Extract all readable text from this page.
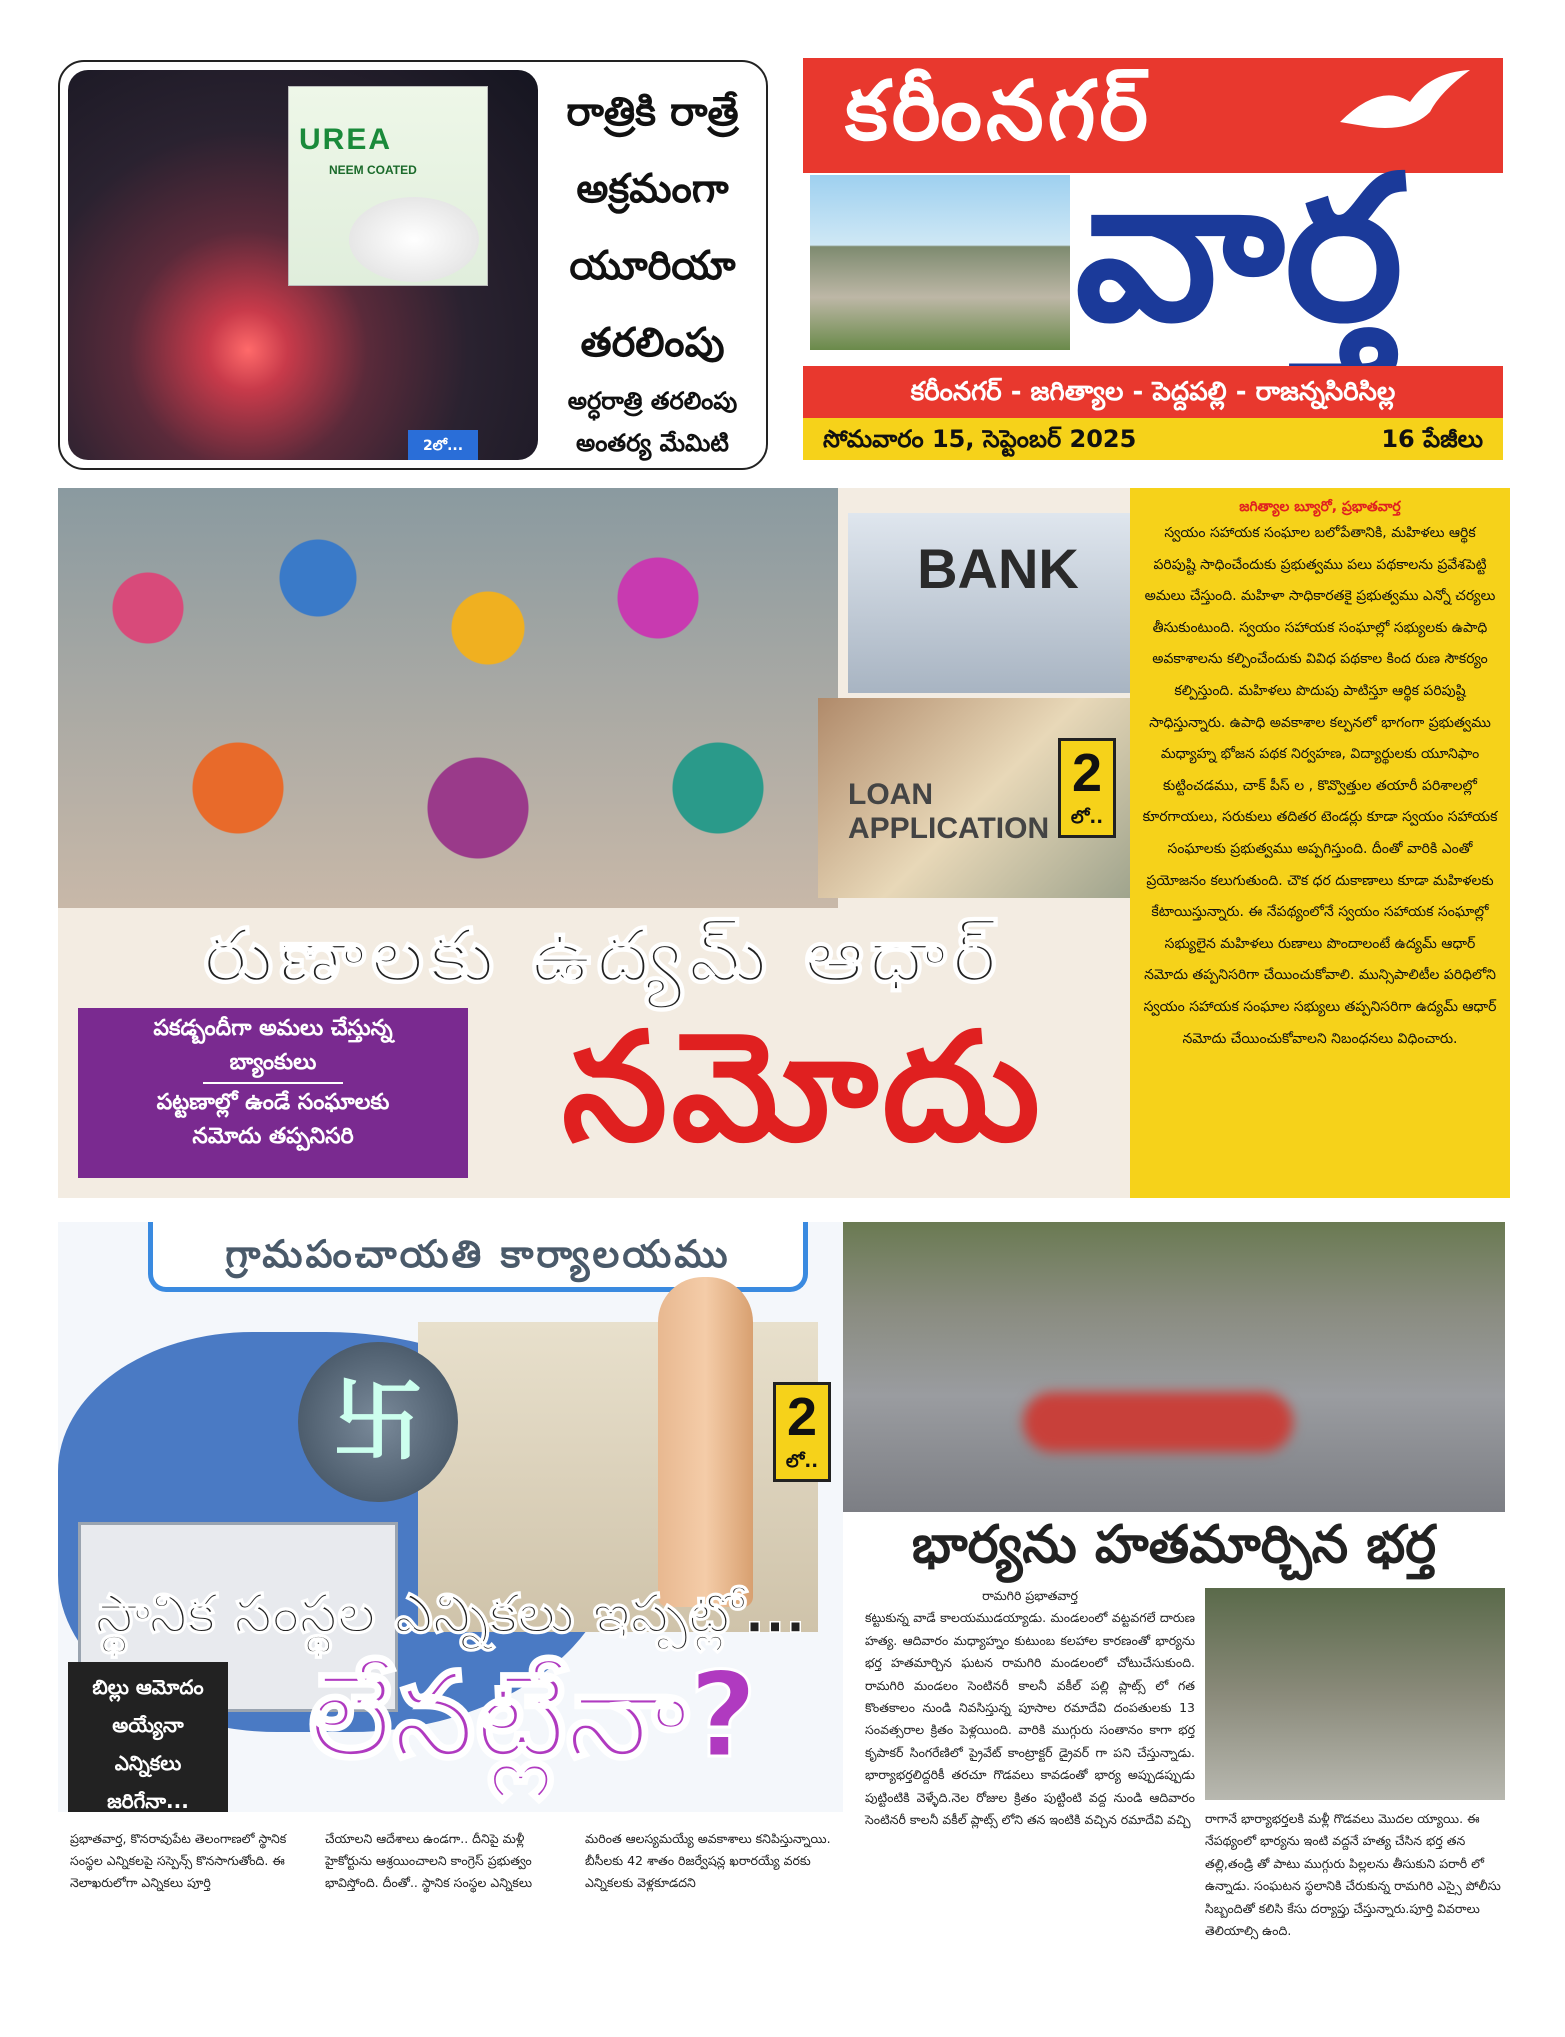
UREA
NEEM COATED
2లో...
రాత్రికి రాత్రే
అక్రమంగా
యూరియా
తరలింపు
అర్ధరాత్రి తరలింపు
అంతర్య మేమిటి
కరీంనగర్
వార్త
కరీంనగర్ - జగిత్యాల - పెద్దపల్లి - రాజన్నసిరిసిల్ల
సోమవారం 15, సెప్టెంబర్ 2025	16 పేజీలు
BANK
LOAN
APPLICATION
2
లో..
రుణాలకు ఉద్యమ్ ఆధార్
పకడ్బందీగా అమలు చేస్తున్న
బ్యాంకులు
పట్టణాల్లో ఉండే సంఘాలకు
నమోదు తప్పనిసరి	నమోదు
జగిత్యాల బ్యూరో, ప్రభాతవార్త
స్వయం సహాయక సంఘాల బలోపేతానికి, మహిళలు ఆర్థిక పరిపుష్టి సాధించేందుకు ప్రభుత్వము పలు పథకాలను ప్రవేశపెట్టి అమలు చేస్తుంది. మహిళా సాధికారతకై ప్రభుత్వము ఎన్నో చర్యలు తీసుకుంటుంది. స్వయం సహాయక సంఘాల్లో సభ్యులకు ఉపాధి అవకాశాలను కల్పించేందుకు వివిధ పథకాల కింద రుణ సౌకర్యం కల్పిస్తుంది. మహిళలు పొదుపు పాటిస్తూ ఆర్థిక పరిపుష్టి సాధిస్తున్నారు. ఉపాధి అవకాశాల కల్పనలో భాగంగా ప్రభుత్వము మధ్యాహ్న భోజన పథక నిర్వహణ, విద్యార్థులకు యూనిఫాం కుట్టించడము, చాక్ పీస్ ల , కొవ్వొత్తుల తయారీ పరిశాలల్లో కూరగాయలు, సరుకులు తదితర టెండర్లు కూడా స్వయం సహాయక సంఘాలకు ప్రభుత్వము అప్పగిస్తుంది. దీంతో వారికి ఎంతో ప్రయోజనం కలుగుతుంది. చౌక ధర దుకాణాలు కూడా మహిళలకు కేటాయిస్తున్నారు. ఈ నేపథ్యంలోనే స్వయం సహాయక సంఘాల్లో సభ్యులైన మహిళలు రుణాలు పొందాలంటే ఉద్యమ్ ఆధార్ నమోదు తప్పనిసరిగా చేయించుకోవాలి. మున్సిపాలిటీల పరిధిలోని స్వయం సహాయక సంఘాల సభ్యులు తప్పనిసరిగా ఉద్యమ్ ఆధార్ నమోదు చేయించుకోవాలని నిబంధనలు విధించారు.
గ్రామపంచాయతి కార్యాలయము
卐	2
లో..
స్థానిక సంస్థల ఎన్నికలు ఇప్పట్లో...
బిల్లు ఆమోదం
అయ్యేనా
ఎన్నికలు
జరిగేనా...
లేనట్లేనా?
ప్రభాతవార్త, కొనరావుపేట తెలంగాణలో స్థానిక సంస్థల ఎన్నికలపై సస్పెన్స్ కొనసాగుతోంది. ఈ నెలాఖరులోగా ఎన్నికలు పూర్తి
చేయాలని ఆదేశాలు ఉండగా.. దీనిపై మళ్లీ హైకోర్టును ఆశ్రయించాలని కాంగ్రెస్ ప్రభుత్వం భావిస్తోంది. దీంతో.. స్థానిక సంస్థల ఎన్నికలు
మరింత ఆలస్యమయ్యే అవకాశాలు కనిపిస్తున్నాయి. బీసీలకు 42 శాతం రిజర్వేషన్ల ఖరారయ్యే వరకు ఎన్నికలకు వెళ్లకూడదని
భార్యను హతమార్చిన భర్త
రామగిరి ప్రభాతవార్త
కట్టుకున్న వాడే కాలయముడయ్యాడు. మండలంలో వట్టవగలే దారుణ హత్య. ఆదివారం మధ్యాహ్నం కుటుంబ కలహాల కారణంతో భార్యను భర్త హతమార్చిన ఘటన రామగిరి మండలంలో చోటుచేసుకుంది. రామగిరి మండలం సెంటినరీ కాలనీ వకీల్ పల్లి ప్లాట్స్ లో గత కొంతకాలం నుండి నివసిస్తున్న పూసాల రమాదేవి దంపతులకు 13 సంవత్సరాల క్రితం పెళ్లయింది. వారికి ముగ్గురు సంతానం కాగా భర్త కృపాకర్ సింగరేణిలో ప్రైవేట్ కాంట్రాక్టర్ డ్రైవర్ గా పని చేస్తున్నాడు. భార్యాభర్తలిద్దరికీ తరచూ గొడవలు కావడంతో భార్య అప్పుడప్పుడు పుట్టింటికి వెళ్ళేది.నెల రోజుల క్రితం పుట్టింటి వద్ద నుండి ఆదివారం సెంటినరీ కాలనీ వకీల్ ప్లాట్స్ లోని తన ఇంటికి వచ్చిన రమాదేవి వచ్చి	రాగానే భార్యాభర్తలకి మళ్లీ గొడవలు మొదల య్యాయి. ఈ నేపథ్యంలో భార్యను ఇంటి వద్దనే హత్య చేసిన భర్త తన తల్లి,తండ్రి తో పాటు ముగ్గురు పిల్లలను తీసుకుని పరారీ లో ఉన్నాడు. సంఘటన స్థలానికి చేరుకున్న రామగిరి ఎస్సై పోలీసు సిబ్బందితో కలిసి కేసు దర్యాప్తు చేస్తున్నారు.పూర్తి వివరాలు తెలియాల్సి ఉంది.
